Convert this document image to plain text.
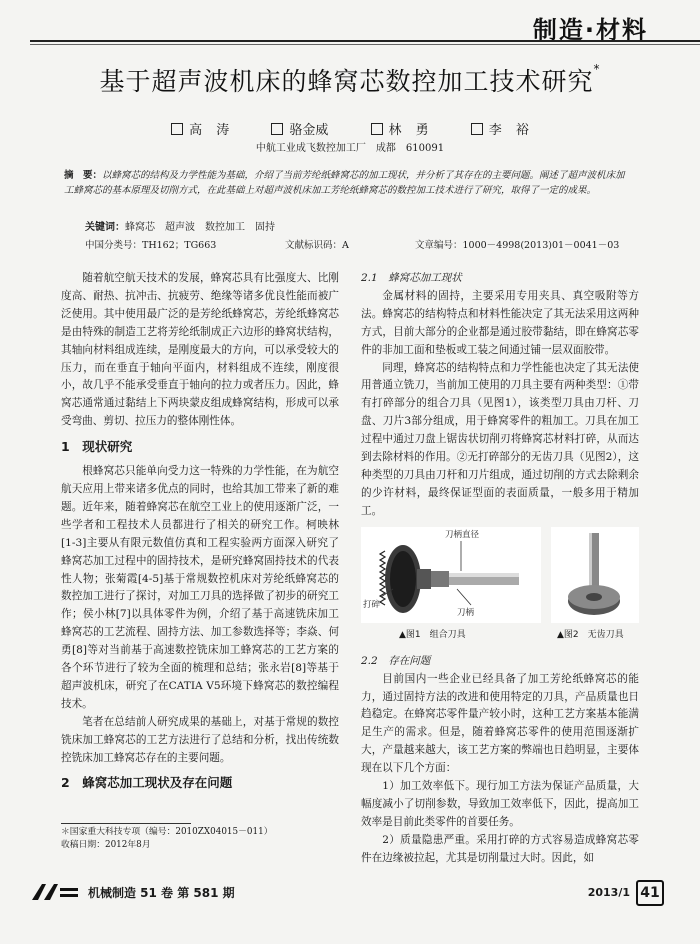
制造·材料
基于超声波机床的蜂窝芯数控加工技术研究*
高 涛	骆金威	林 勇	李 裕
中航工业成飞数控加工厂　成都　610091
摘　要：以蜂窝芯的结构及力学性能为基础，介绍了当前芳纶纸蜂窝芯的加工现状，并分析了其存在的主要问题。阐述了超声波机床加工蜂窝芯的基本原理及切削方式，在此基础上对超声波机床加工芳纶纸蜂窝芯的数控加工技术进行了研究，取得了一定的成果。
关键词：蜂窝芯　超声波　数控加工　固持
中国分类号：TH162；TG663	文献标识码：A	文章编号：1000－4998(2013)01－0041－03

随着航空航天技术的发展，蜂窝芯具有比强度大、比刚度高、耐热、抗冲击、抗疲劳、绝缘等诸多优良性能而被广泛使用。其中使用最广泛的是芳纶纸蜂窝芯，芳纶纸蜂窝芯是由特殊的制造工艺将芳纶纸制成正六边形的蜂窝状结构，其轴向材料组成连续，是刚度最大的方向，可以承受较大的压力，而在垂直于轴向平面内，材料组成不连续，刚度很小，故几乎不能承受垂直于轴向的拉力或者压力。因此，蜂窝芯通常通过黏结上下两块蒙皮组成蜂窝结构，形成可以承受弯曲、剪切、拉压力的整体刚性体。

1　现状研究

根蜂窝芯只能单向受力这一特殊的力学性能，在为航空航天应用上带来诸多优点的同时，也给其加工带来了新的难题。近年来，随着蜂窝芯在航空工业上的使用逐渐广泛，一些学者和工程技术人员都进行了相关的研究工作。柯映林[1-3]主要从有限元数值仿真和工程实验两方面深入研究了蜂窝芯加工过程中的固持技术，是研究蜂窝固持技术的代表性人物；张菊霞[4-5]基于常规数控机床对芳纶纸蜂窝芯的数控加工进行了探讨，对加工刀具的选择做了初步的研究工作；侯小林[7]以具体零件为例，介绍了基于高速铣床加工蜂窝芯的工艺流程、固持方法、加工参数选择等；李焱、何勇[8]等对当前基于高速数控铣床加工蜂窝芯的工艺方案的各个环节进行了较为全面的梳理和总结；张永岩[8]等基于超声波机床，研究了在CATIA V5环境下蜂窝芯的数控编程技术。

笔者在总结前人研究成果的基础上，对基于常规的数控铣床加工蜂窝芯的工艺方法进行了总结和分析，找出传统数控铣床加工蜂窝芯存在的主要问题。

2　蜂窝芯加工现状及存在问题
＊国家重大科技专项（编号：2010ZX04015－011）
收稿日期：2012年8月
2.1　蜂窝芯加工现状

金属材料的固持，主要采用专用夹具、真空吸附等方法。蜂窝芯的结构特点和材料性能决定了其无法采用这两种方式，目前大部分的企业都是通过胶带黏结，即在蜂窝芯零件的非加工面和垫板或工装之间通过铺一层双面胶带。

同理，蜂窝芯的结构特点和力学性能也决定了其无法使用普通立铣刀，当前加工使用的刀具主要有两种类型：①带有打碎部分的组合刀具（见图1），该类型刀具由刀杆、刀盘、刀片3部分组成，用于蜂窝零件的粗加工。刀具在加工过程中通过刀盘上锯齿状切削刃将蜂窝芯材料打碎，从而达到去除材料的作用。②无打碎部分的无齿刀具（见图2），这种类型的刀具由刀杆和刀片组成，通过切削的方式去除剩余的少许材料，最终保证型面的表面质量，一般多用于精加工。

刀柄直径
打碎
刀柄
▲图1　组合刀具	▲图2　无齿刀具
2.2　存在问题

目前国内一些企业已经具备了加工芳纶纸蜂窝芯的能力，通过固持方法的改进和使用特定的刀具，产品质量也日趋稳定。在蜂窝芯零件量产较小时，这种工艺方案基本能满足生产的需求。但是，随着蜂窝芯零件的使用范围逐渐扩大，产量越来越大，该工艺方案的弊端也日趋明显，主要体现在以下几个方面：

1）加工效率低下。现行加工方法为保证产品质量，大幅度减小了切削参数，导致加工效率低下，因此，提高加工效率是目前此类零件的首要任务。

2）质量隐患严重。采用打碎的方式容易造成蜂窝芯零件在边缘被拉起，尤其是切削量过大时。因此，如

机械制造 51 卷 第 581 期	2013/1 41
